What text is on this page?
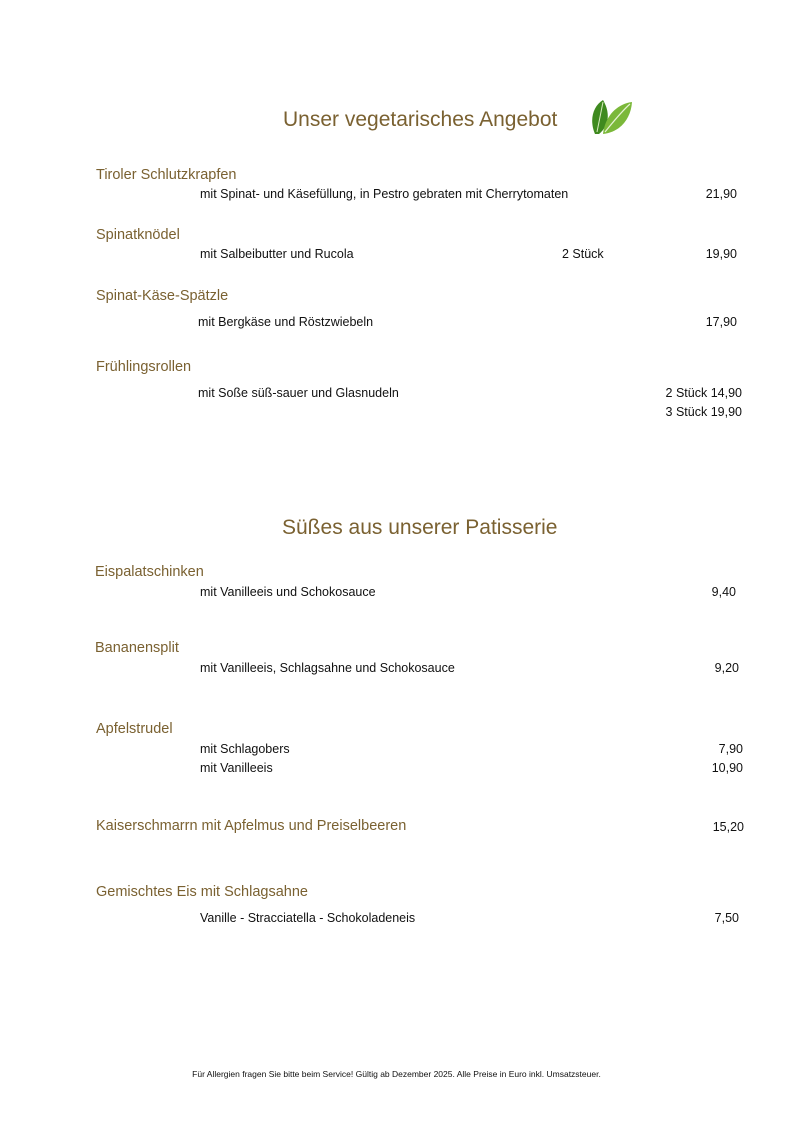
Unser vegetarisches Angebot
Tiroler Schlutzkrapfen
mit Spinat- und Käsefüllung, in Pestro gebraten mit Cherrytomaten	21,90
Spinatknödel
mit Salbeibutter und Rucola	2 Stück	19,90
Spinat-Käse-Spätzle
mit Bergkäse und Röstzwiebeln	17,90
Frühlingsrollen
mit Soße süß-sauer und Glasnudeln	2 Stück 14,90
3 Stück 19,90
Süßes aus unserer Patisserie
Eispalatschinken
mit Vanilleeis und Schokosauce	9,40
Bananensplit
mit Vanilleeis, Schlagsahne und Schokosauce	9,20
Apfelstrudel
mit Schlagobers	7,90
mit Vanilleeis	10,90
Kaiserschmarrn mit Apfelmus und Preiselbeeren	15,20
Gemischtes Eis mit Schlagsahne
Vanille - Stracciatella - Schokoladeneis	7,50
Für Allergien fragen Sie bitte beim Service! Gültig ab Dezember 2025. Alle Preise in Euro inkl. Umsatzsteuer.
